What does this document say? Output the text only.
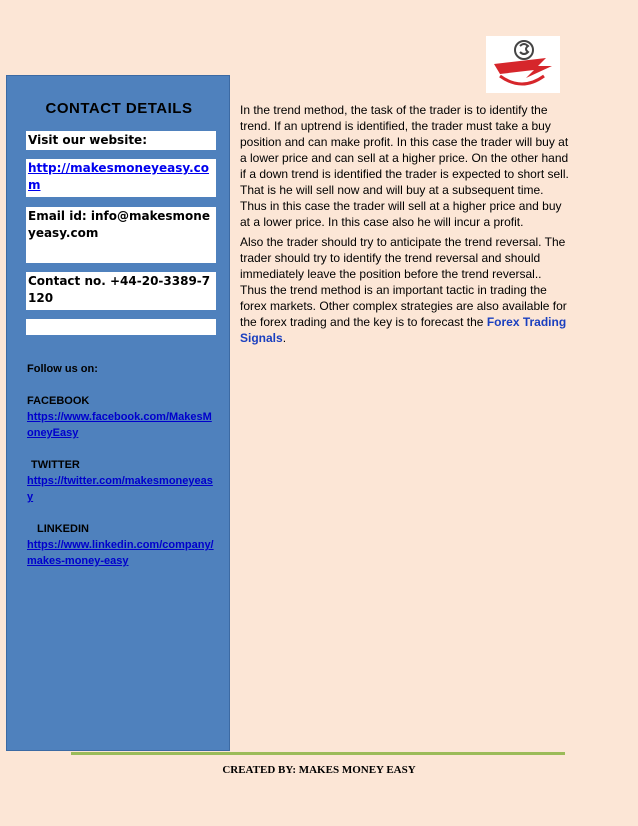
CONTACT DETAILS
Visit our website:
http://makesmoneyeasy.com
Email id: info@makesmoneyeasy.com
Contact no. +44-20-3389-7120
Follow us on:
FACEBOOK
https://www.facebook.com/MakesMoneyEasy
TWITTER
https://twitter.com/makesmoneyeasy
LINKEDIN
https://www.linkedin.com/company/makes-money-easy

In the trend method, the task of the trader is to identify the trend. If an uptrend is identified, the trader must take a buy position and can make profit. In this case the trader will buy at a lower price and can sell at a higher price. On the other hand if a down trend is identified the trader is expected to short sell. That is he will sell now and will buy at a subsequent time. Thus in this case the trader will sell at a higher price and buy at a lower price. In this case also he will incur a profit.

Also the trader should try to anticipate the trend reversal. The trader should try to identify the trend reversal and should immediately leave the position before the trend reversal.. Thus the trend method is an important tactic in trading the forex markets. Other complex strategies are also available for the forex trading and the key is to forecast the Forex Trading Signals.

CREATED BY: MAKES MONEY EASY
